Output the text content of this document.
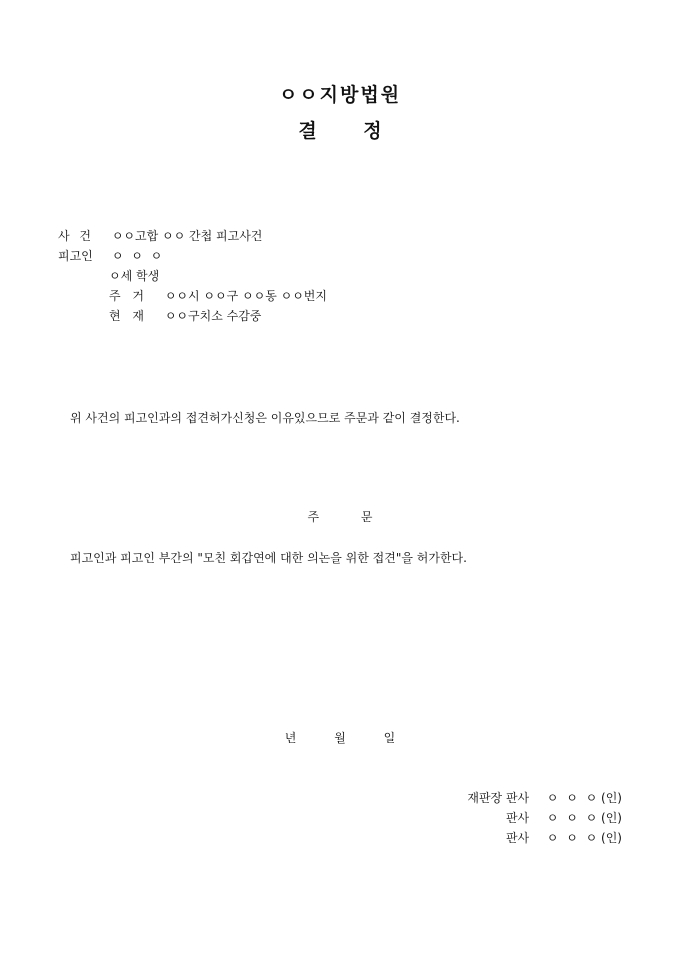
ㅇㅇ지방법원
결 정
사 건 ㅇㅇ고합 ㅇㅇ 간첩 피고사건
피고인 ㅇ ㅇ ㅇ
ㅇ세 학생
주 거 ㅇㅇ시 ㅇㅇ구 ㅇㅇ동 ㅇㅇ번지
현 재 ㅇㅇ구치소 수감중
위 사건의 피고인과의 접견허가신청은 이유있으므로 주문과 같이 결정한다.
주 문
피고인과 피고인 부간의 "모친 회갑연에 대한 의논을 위한 접견"을 허가한다.
년 월 일
재판장 판사 ㅇ ㅇ ㅇ (인)
판사 ㅇ ㅇ ㅇ (인)
판사 ㅇ ㅇ ㅇ (인)
